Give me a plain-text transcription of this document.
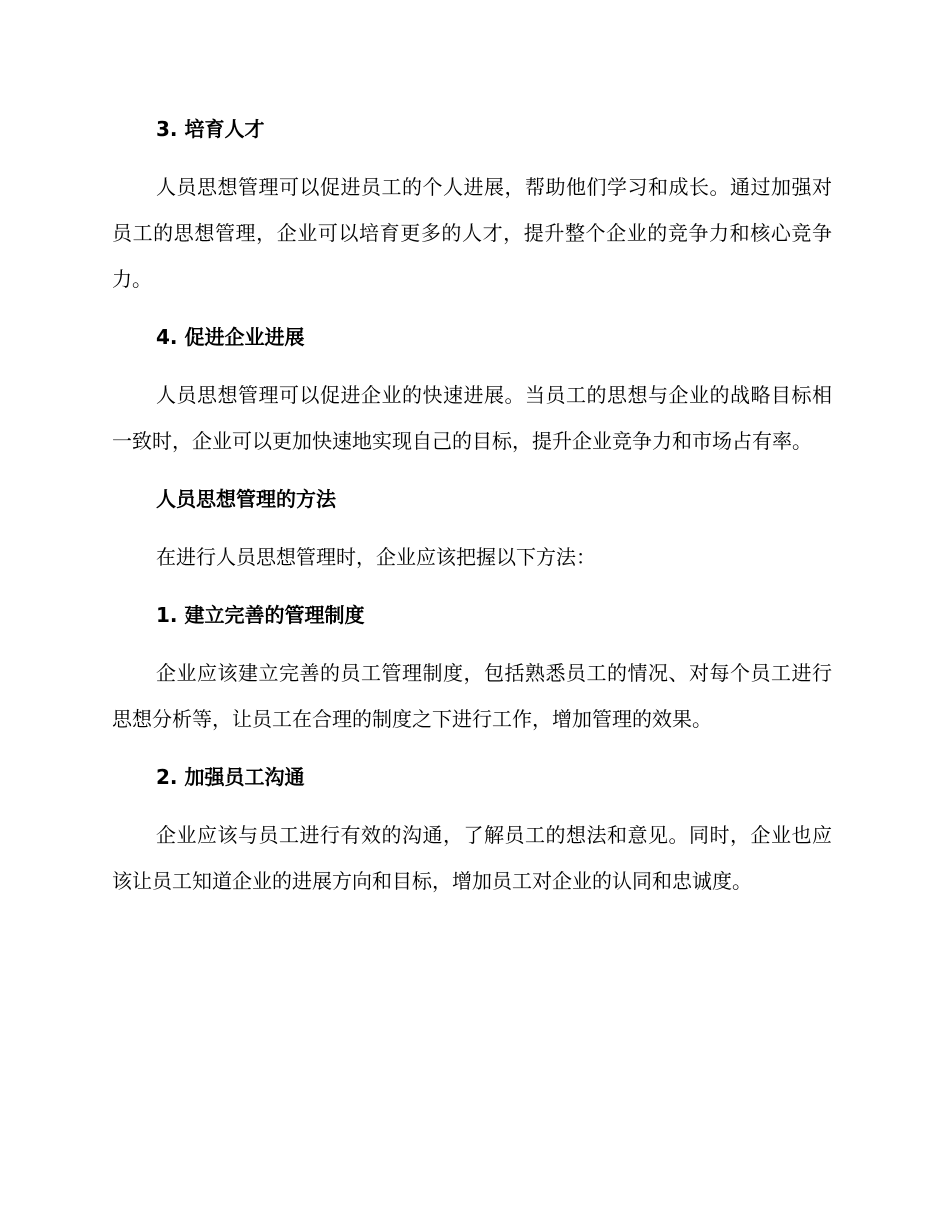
3. 培育人才

人员思想管理可以促进员工的个人进展，帮助他们学习和成长。通过加强对员工的思想管理，企业可以培育更多的人才，提升整个企业的竞争力和核心竞争力。

4. 促进企业进展

人员思想管理可以促进企业的快速进展。当员工的思想与企业的战略目标相一致时，企业可以更加快速地实现自己的目标，提升企业竞争力和市场占有率。

人员思想管理的方法

在进行人员思想管理时，企业应该把握以下方法：

1. 建立完善的管理制度

企业应该建立完善的员工管理制度，包括熟悉员工的情况、对每个员工进行思想分析等，让员工在合理的制度之下进行工作，增加管理的效果。

2. 加强员工沟通

企业应该与员工进行有效的沟通，了解员工的想法和意见。同时，企业也应该让员工知道企业的进展方向和目标，增加员工对企业的认同和忠诚度。
